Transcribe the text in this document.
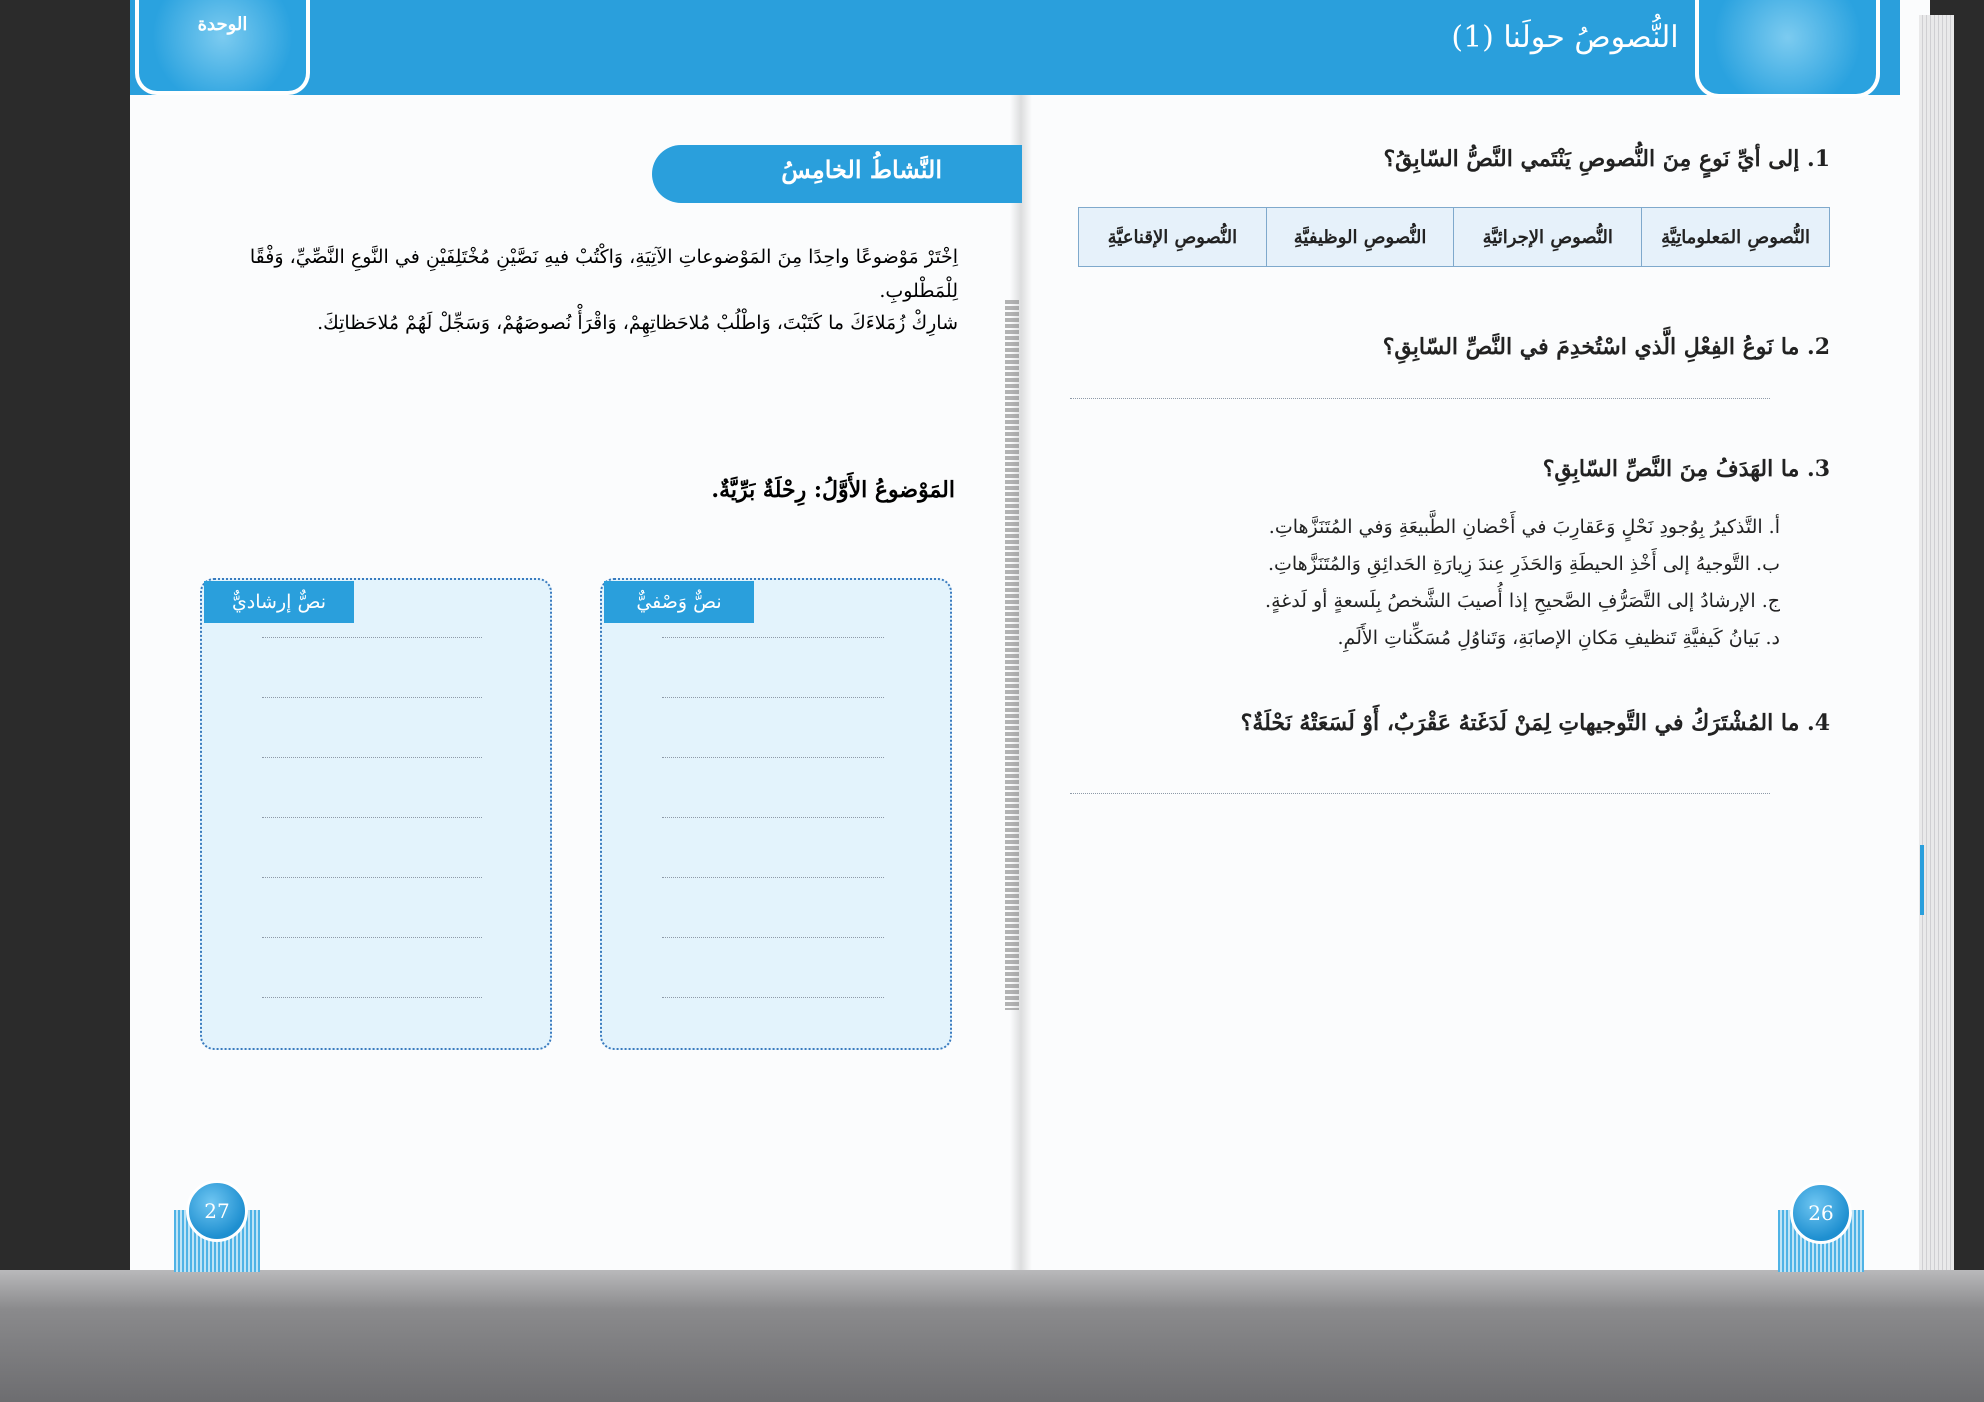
الوحدة	النُّصوصُ حولَنا (1)
النَّشاطُ الخامِسُ
اِخْتَرْ مَوْضوعًا واحِدًا مِنَ المَوْضوعاتِ الآتِيَةِ، وَاكْتُبْ فيهِ نَصَّيْنِ مُخْتَلِفَيْنِ في النَّوعِ النَّصِّيِّ، وَفْقًا لِلْمَطْلوبِ.
شارِكْ زُمَلاءَكَ ما كَتَبْتَ، وَاطْلُبْ مُلاحَظاتِهِمْ، وَاقْرَأْ نُصوصَهُمْ، وَسَجِّلْ لَهُمْ مُلاحَظاتِكَ.
المَوْضوعُ الأَوَّلُ: رِحْلَةٌ بَرِّيَّةٌ.
نصٌّ إرشاديٌّ	نصٌّ وَصْفيٌّ
27
1. إلى أيِّ نَوعٍ مِنَ النُّصوصِ يَنْتَمي النَّصُّ السّابِقُ؟
النُّصوصِ المَعلوماتِيَّةِ	النُّصوصِ الإجرائيَّةِ	النُّصوصِ الوظيفيَّةِ	النُّصوصِ الإقناعيَّةِ
2. ما نَوعُ الفِعْلِ الَّذي اسْتُخدِمَ في النَّصِّ السّابِقِ؟
3. ما الهَدَفُ مِنَ النَّصِّ السّابِقِ؟
أ. التَّذكيرُ بِوُجودِ نَحْلٍ وَعَقارِبَ في أَحْضانِ الطَّبيعَةِ وَفي المُتَنَزَّهاتِ.
ب. التَّوجيهُ إلى أَخْذِ الحيطَةِ وَالحَذَرِ عِندَ زِيارَةِ الحَدائِقِ وَالمُتَنَزَّهاتِ.
ج. الإرشادُ إلى التَّصَرُّفِ الصَّحيحِ إذا أُصيبَ الشَّخصُ بِلَسعةٍ أو لَدغةٍ.
د. بَيانُ كَيفيَّةِ تَنظيفِ مَكانِ الإصابَةِ، وَتَناوُلِ مُسَكِّناتِ الأَلَمِ.
4. ما المُشْتَرَكُ في التَّوجيهاتِ لِمَنْ لَدَغَتهُ عَقْرَبٌ، أَوْ لَسَعَتْهُ نَحْلَةٌ؟
26
